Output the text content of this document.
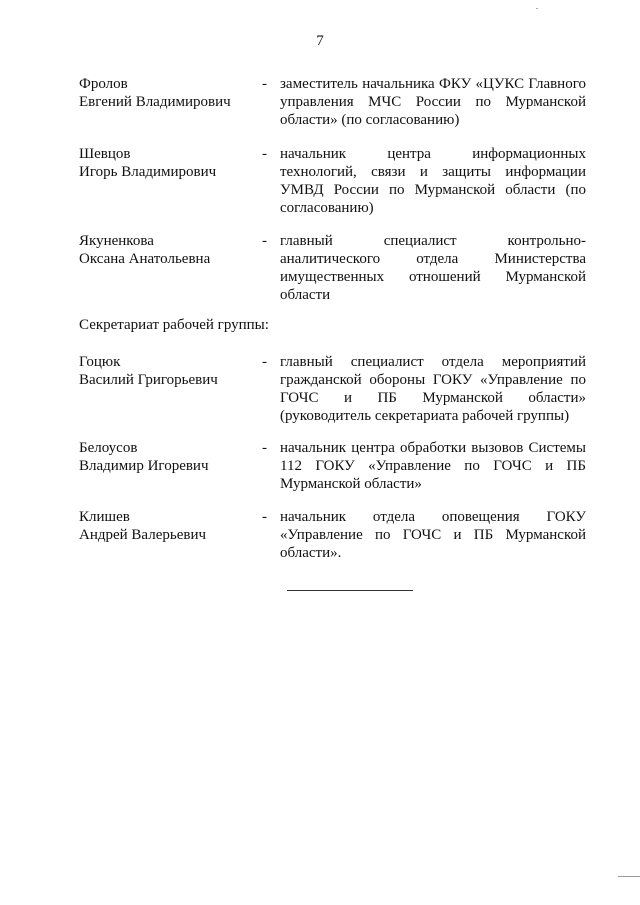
7
Фролов
Евгений Владимирович
- заместитель начальника ФКУ «ЦУКС Главного управления МЧС России по Мурманской области» (по согласованию)
Шевцов
Игорь Владимирович
- начальник центра информационных технологий, связи и защиты информации УМВД России по Мурманской области (по согласованию)
Якуненкова
Оксана Анатольевна
- главный специалист контрольно-аналитического отдела Министерства имущественных отношений Мурманской области
Секретариат рабочей группы:
Гоцюк
Василий Григорьевич
- главный специалист отдела мероприятий гражданской обороны ГОКУ «Управление по ГОЧС и ПБ Мурманской области» (руководитель секретариата рабочей группы)
Белоусов
Владимир Игоревич
- начальник центра обработки вызовов Системы 112 ГОКУ «Управление по ГОЧС и ПБ Мурманской области»
Клишев
Андрей Валерьевич
- начальник отдела оповещения ГОКУ «Управление по ГОЧС и ПБ Мурманской области».
